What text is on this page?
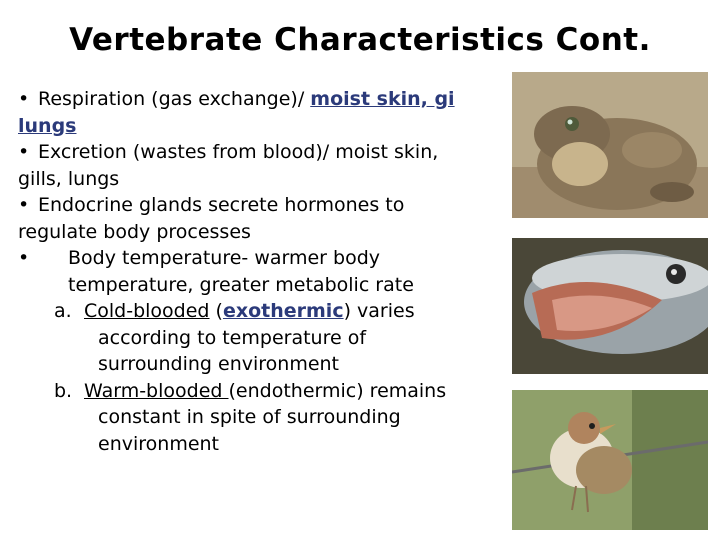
Vertebrate Characteristics Cont.
• Respiration (gas exchange)/ moist skin, gi
lungs
• Excretion (wastes from blood)/ moist skin,
gills, lungs
• Endocrine glands secrete hormones to
regulate body processes
• Body temperature- warmer body
temperature, greater metabolic rate
a. Cold-blooded (exothermic) varies
according to temperature of
surrounding environment
b. Warm-blooded (endothermic) remains
constant in spite of surrounding
environment
